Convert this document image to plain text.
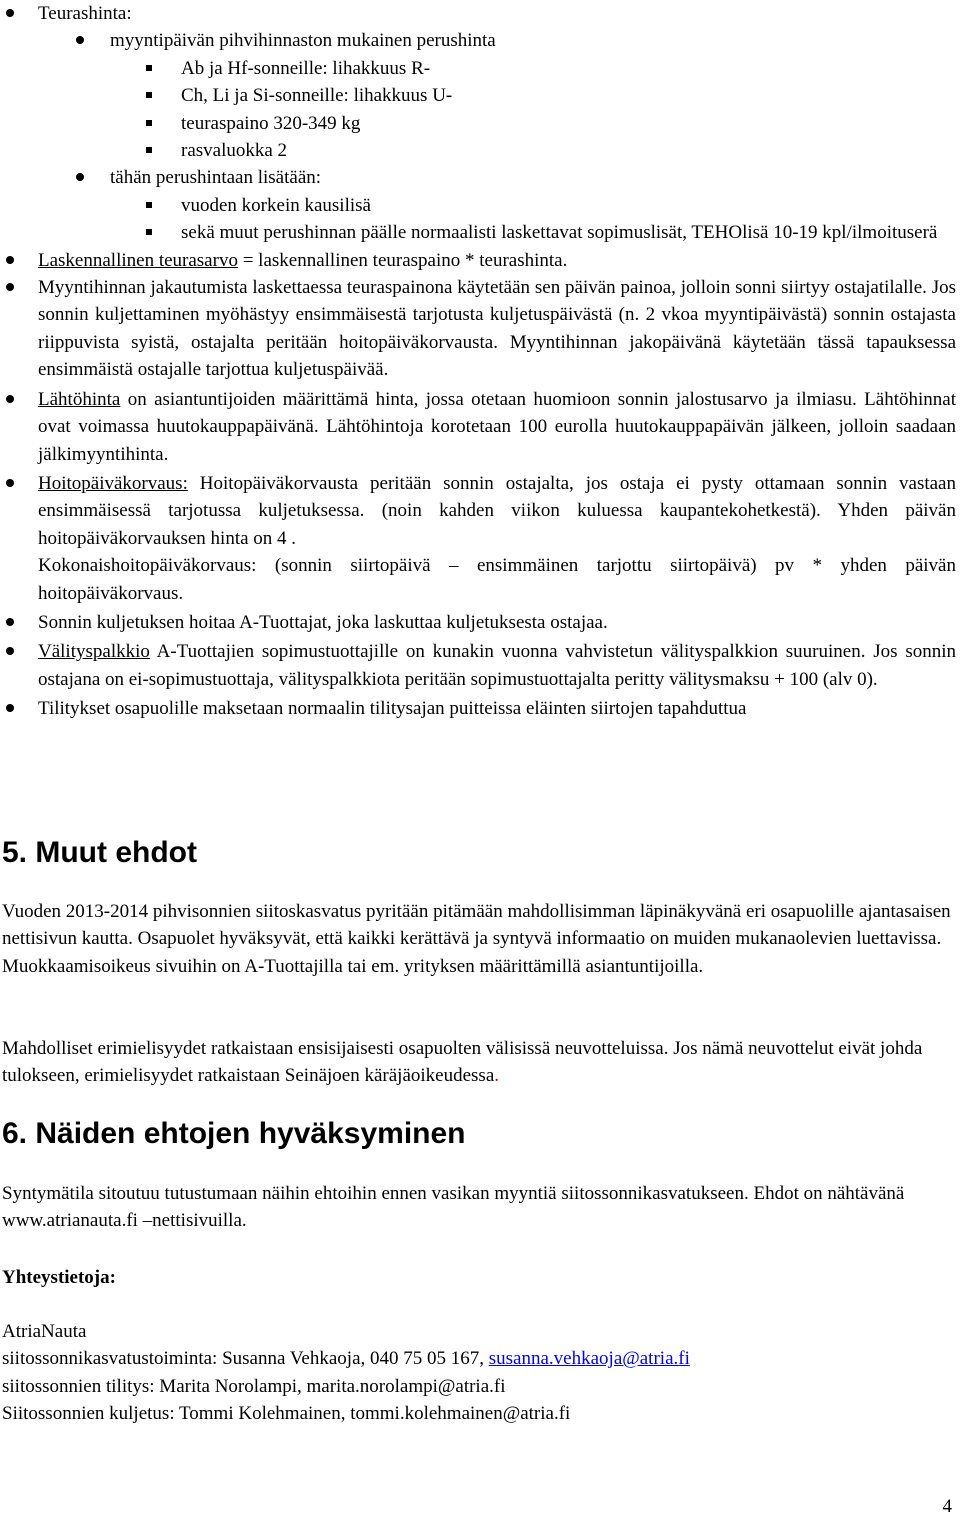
Teurashinta:
myyntipäivän pihvihinnaston mukainen perushinta
Ab ja Hf-sonneille: lihakkuus R-
Ch, Li ja Si-sonneille: lihakkuus U-
teuraspaino 320-349 kg
rasvaluokka 2
tähän perushintaan lisätään:
vuoden korkein kausilisä
sekä muut perushinnan päälle normaalisti laskettavat sopimuslisät, TEHOlisä 10-19 kpl/ilmoituserä
Laskennallinen teurasarvo = laskennallinen teuraspaino * teurashinta.
Myyntihinnan jakautumista laskettaessa teuraspainona käytetään sen päivän painoa, jolloin sonni siirtyy ostajatilalle. Jos sonnin kuljettaminen myöhästyy ensimmäisestä tarjotusta kuljetuspäivästä (n. 2 vkoa myyntipäivästä) sonnin ostajasta riippuvista syistä, ostajalta peritään hoitopäiväkorvausta. Myyntihinnan jakopäivänä käytetään tässä tapauksessa ensimmäistä ostajalle tarjottua kuljetuspäivää.
Lähtöhinta on asiantuntijoiden määrittämä hinta, jossa otetaan huomioon sonnin jalostusarvo ja ilmiasu. Lähtöhinnat ovat voimassa huutokauppapäivänä. Lähtöhintoja korotetaan 100 eurolla huutokauppapäivän jälkeen, jolloin saadaan jälkimyyntihinta.
Hoitopäiväkorvaus: Hoitopäiväkorvausta peritään sonnin ostajalta, jos ostaja ei pysty ottamaan sonnin vastaan ensimmäisessä tarjotussa kuljetuksessa. (noin kahden viikon kuluessa kaupantekohetkestä). Yhden päivän hoitopäiväkorvauksen hinta on 4 .
Kokonaishoitopäiväkorvaus: (sonnin siirtopäivä – ensimmäinen tarjottu siirtopäivä) pv * yhden päivän hoitopäiväkorvaus.
Sonnin kuljetuksen hoitaa A-Tuottajat, joka laskuttaa kuljetuksesta ostajaa.
Välityspalkkio A-Tuottajien sopimustuottajille on kunakin vuonna vahvistetun välityspalkkion suuruinen. Jos sonnin ostajana on ei-sopimustuottaja, välityspalkkiota peritään sopimustuottajalta peritty välitysmaksu + 100 (alv 0).
Tilitykset osapuolille maksetaan normaalin tilitysajan puitteissa eläinten siirtojen tapahduttua
5. Muut ehdot

Vuoden 2013-2014 pihvisonnien siitoskasvatus pyritään pitämään mahdollisimman läpinäkyvänä eri osapuolille ajantasaisen nettisivun kautta. Osapuolet hyväksyvät, että kaikki kerättävä ja syntyvä informaatio on muiden mukanaolevien luettavissa. Muokkaamisoikeus sivuihin on A-Tuottajilla tai em. yrityksen määrittämillä asiantuntijoilla.

Mahdolliset erimielisyydet ratkaistaan ensisijaisesti osapuolten välisissä neuvotteluissa. Jos nämä neuvottelut eivät johda tulokseen, erimielisyydet ratkaistaan Seinäjoen käräjäoikeudessa.

6. Näiden ehtojen hyväksyminen

Syntymätila sitoutuu tutustumaan näihin ehtoihin ennen vasikan myyntiä siitossonnikasvatukseen. Ehdot on nähtävänä www.atrianauta.fi –nettisivuilla.

Yhteystietoja:

AtriaNauta
siitossonnikasvatustoiminta: Susanna Vehkaoja, 040 75 05 167, susanna.vehkaoja@atria.fi
siitossonnien tilitys: Marita Norolampi, marita.norolampi@atria.fi
Siitossonnien kuljetus: Tommi Kolehmainen, tommi.kolehmainen@atria.fi
4
